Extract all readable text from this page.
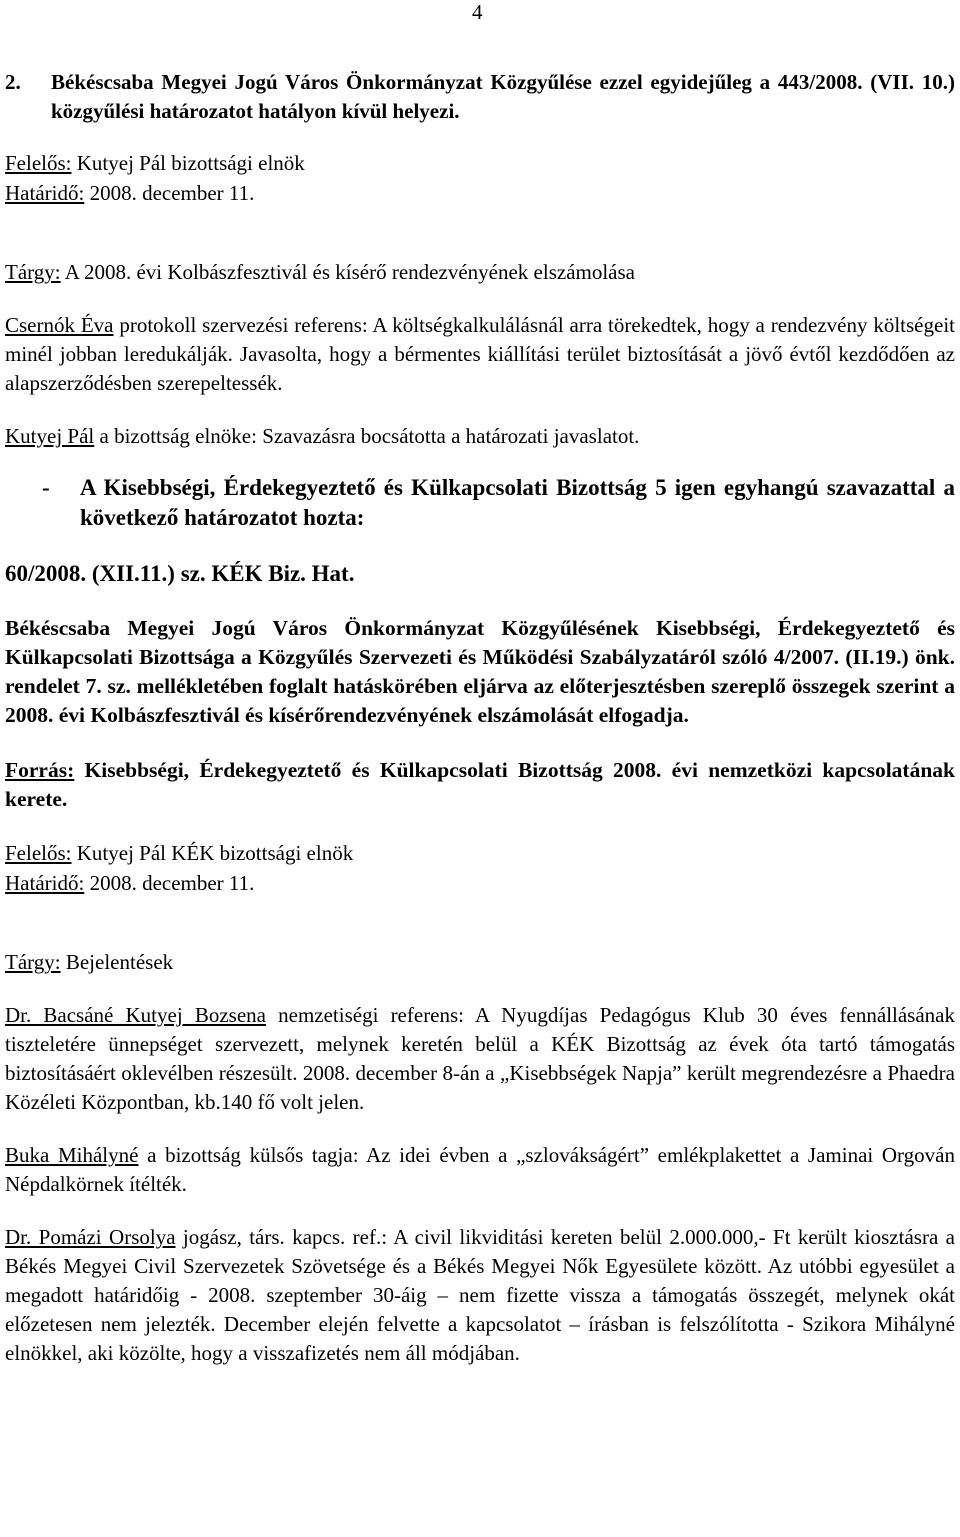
4
2.	Békéscsaba Megyei Jogú Város Önkormányzat Közgyűlése ezzel egyidejűleg a 443/2008. (VII. 10.) közgyűlési határozatot hatályon kívül helyezi.
Felelős: Kutyej Pál bizottsági elnök
Határidő: 2008. december 11.
Tárgy: A 2008. évi Kolbászfesztivál és kísérő rendezvényének elszámolása
Csernók Éva protokoll szervezési referens: A költségkalkulálásnál arra törekedtek, hogy a rendezvény költségeit minél jobban leredukálják. Javasolta, hogy a bérmentes kiállítási terület biztosítását a jövő évtől kezdődően az alapszerződésben szerepeltessék.
Kutyej Pál a bizottság elnöke: Szavazásra bocsátotta a határozati javaslatot.
-	A Kisebbségi, Érdekegyeztető és Külkapcsolati Bizottság 5 igen egyhangú szavazattal a következő határozatot hozta:
60/2008. (XII.11.) sz. KÉK Biz. Hat.
Békéscsaba Megyei Jogú Város Önkormányzat Közgyűlésének Kisebbségi, Érdekegyeztető és Külkapcsolati Bizottsága a Közgyűlés Szervezeti és Működési Szabályzatáról szóló 4/2007. (II.19.) önk. rendelet 7. sz. mellékletében foglalt hatáskörében eljárva az előterjesztésben szereplő összegek szerint a 2008. évi Kolbászfesztivál és kísérőrendezvényének elszámolását elfogadja.
Forrás: Kisebbségi, Érdekegyeztető és Külkapcsolati Bizottság 2008. évi nemzetközi kapcsolatának kerete.
Felelős: Kutyej Pál KÉK bizottsági elnök
Határidő: 2008. december 11.
Tárgy: Bejelentések
Dr. Bacsáné Kutyej Bozsena nemzetiségi referens: A Nyugdíjas Pedagógus Klub 30 éves fennállásának tiszteletére ünnepséget szervezett, melynek keretén belül a KÉK Bizottság az évek óta tartó támogatás biztosításáért oklevélben részesült. 2008. december 8-án a „Kisebbségek Napja” került megrendezésre a Phaedra Közéleti Központban, kb.140 fő volt jelen.
Buka Mihályné a bizottság külsős tagja: Az idei évben a „szlovákságért” emlékplakettet a Jaminai Orgován Népdalkörnek ítélték.
Dr. Pomázi Orsolya jogász, társ. kapcs. ref.: A civil likviditási kereten belül 2.000.000,- Ft került kiosztásra a Békés Megyei Civil Szervezetek Szövetsége és a Békés Megyei Nők Egyesülete között. Az utóbbi egyesület a megadott határidőig - 2008. szeptember 30-áig – nem fizette vissza a támogatás összegét, melynek okát előzetesen nem jelezték. December elején felvette a kapcsolatot – írásban is felszólította - Szikora Mihályné elnökkel, aki közölte, hogy a visszafizetés nem áll módjában.
